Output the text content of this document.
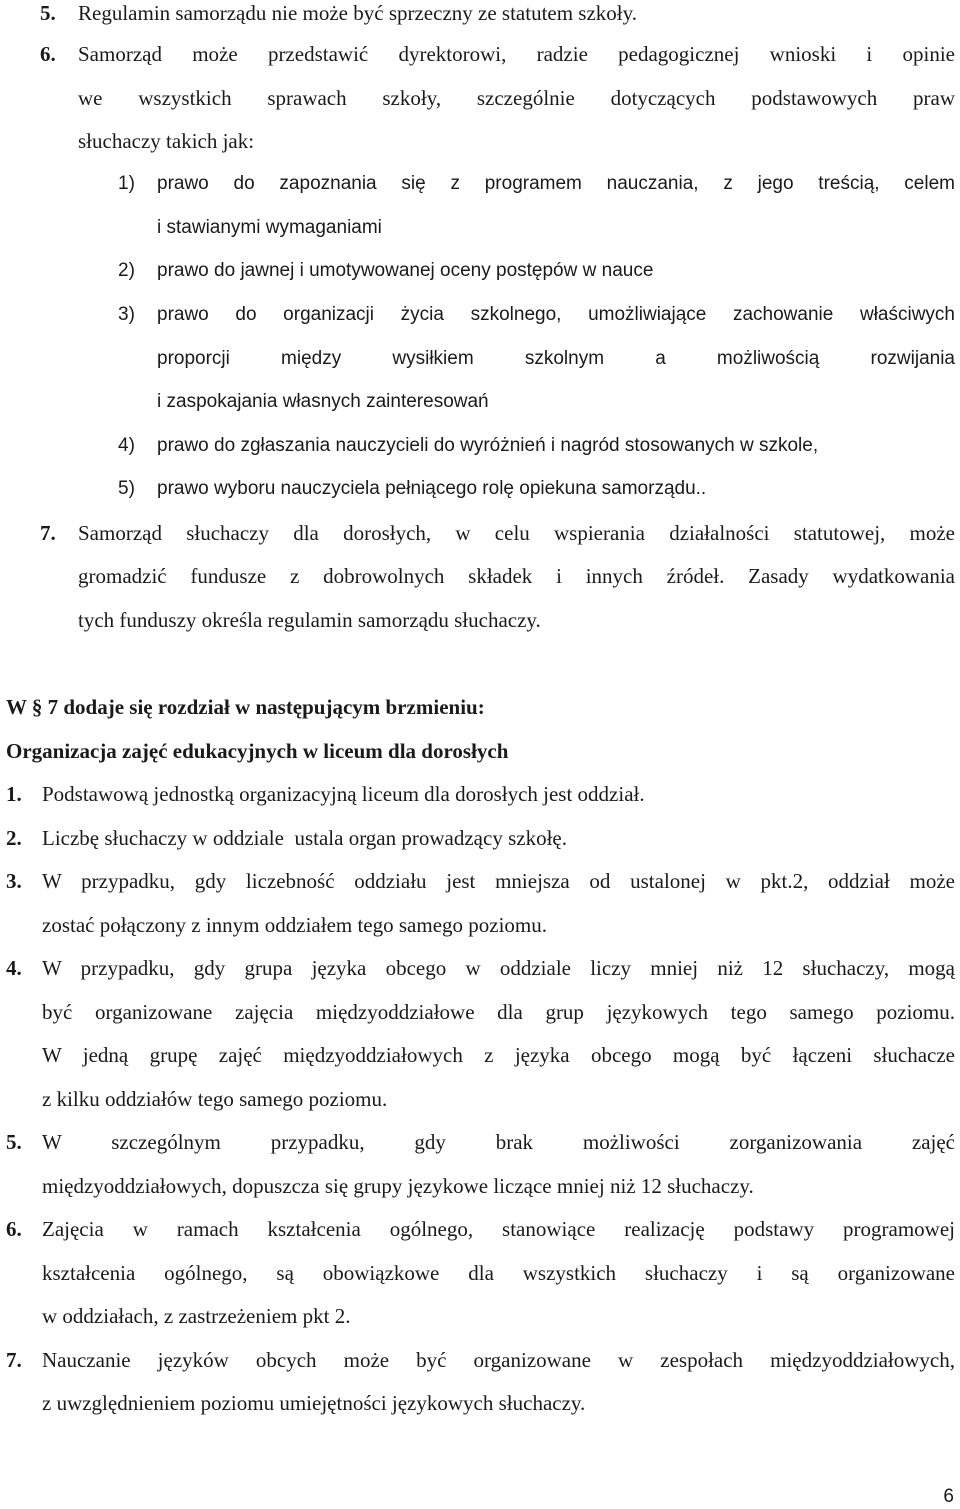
5. Regulamin samorządu nie może być sprzeczny ze statutem szkoły.
6. Samorząd może przedstawić dyrektorowi, radzie pedagogicznej wnioski i opinie
we wszystkich sprawach szkoły, szczególnie dotyczących podstawowych praw
słuchaczy takich jak:
1) prawo do zapoznania się z programem nauczania, z jego treścią, celem
i stawianymi wymaganiami
2) prawo do jawnej i umotywowanej oceny postępów w nauce
3) prawo do organizacji życia szkolnego, umożliwiające zachowanie właściwych
proporcji między wysiłkiem szkolnym a możliwością rozwijania
i zaspokajania własnych zainteresowań
4) prawo do zgłaszania nauczycieli do wyróżnień i nagród stosowanych w szkole,
5) prawo wyboru nauczyciela pełniącego rolę opiekuna samorządu..
7. Samorząd słuchaczy dla dorosłych, w celu wspierania działalności statutowej, może
gromadzić fundusze z dobrowolnych składek i innych źródeł. Zasady wydatkowania
tych funduszy określa regulamin samorządu słuchaczy.
W § 7 dodaje się rozdział w następującym brzmieniu:
Organizacja zajęć edukacyjnych w liceum dla dorosłych
1. Podstawową jednostką organizacyjną liceum dla dorosłych jest oddział.
2. Liczbę słuchaczy w oddziale  ustala organ prowadzący szkołę.
3. W przypadku, gdy liczebność oddziału jest mniejsza od ustalonej w pkt.2, oddział może
zostać połączony z innym oddziałem tego samego poziomu.
4. W przypadku, gdy grupa języka obcego w oddziale liczy mniej niż 12 słuchaczy, mogą
być organizowane zajęcia międzyoddziałowe dla grup językowych tego samego poziomu.
W jedną grupę zajęć międzyoddziałowych z języka obcego mogą być łączeni słuchacze
z kilku oddziałów tego samego poziomu.
5. W szczególnym przypadku, gdy brak możliwości zorganizowania zajęć
międzyoddziałowych, dopuszcza się grupy językowe liczące mniej niż 12 słuchaczy.
6. Zajęcia w ramach kształcenia ogólnego, stanowiące realizację podstawy programowej
kształcenia ogólnego, są obowiązkowe dla wszystkich słuchaczy i są organizowane
w oddziałach, z zastrzeżeniem pkt 2.
7. Nauczanie języków obcych może być organizowane w zespołach międzyoddziałowych,
z uwzględnieniem poziomu umiejętności językowych słuchaczy.
6
